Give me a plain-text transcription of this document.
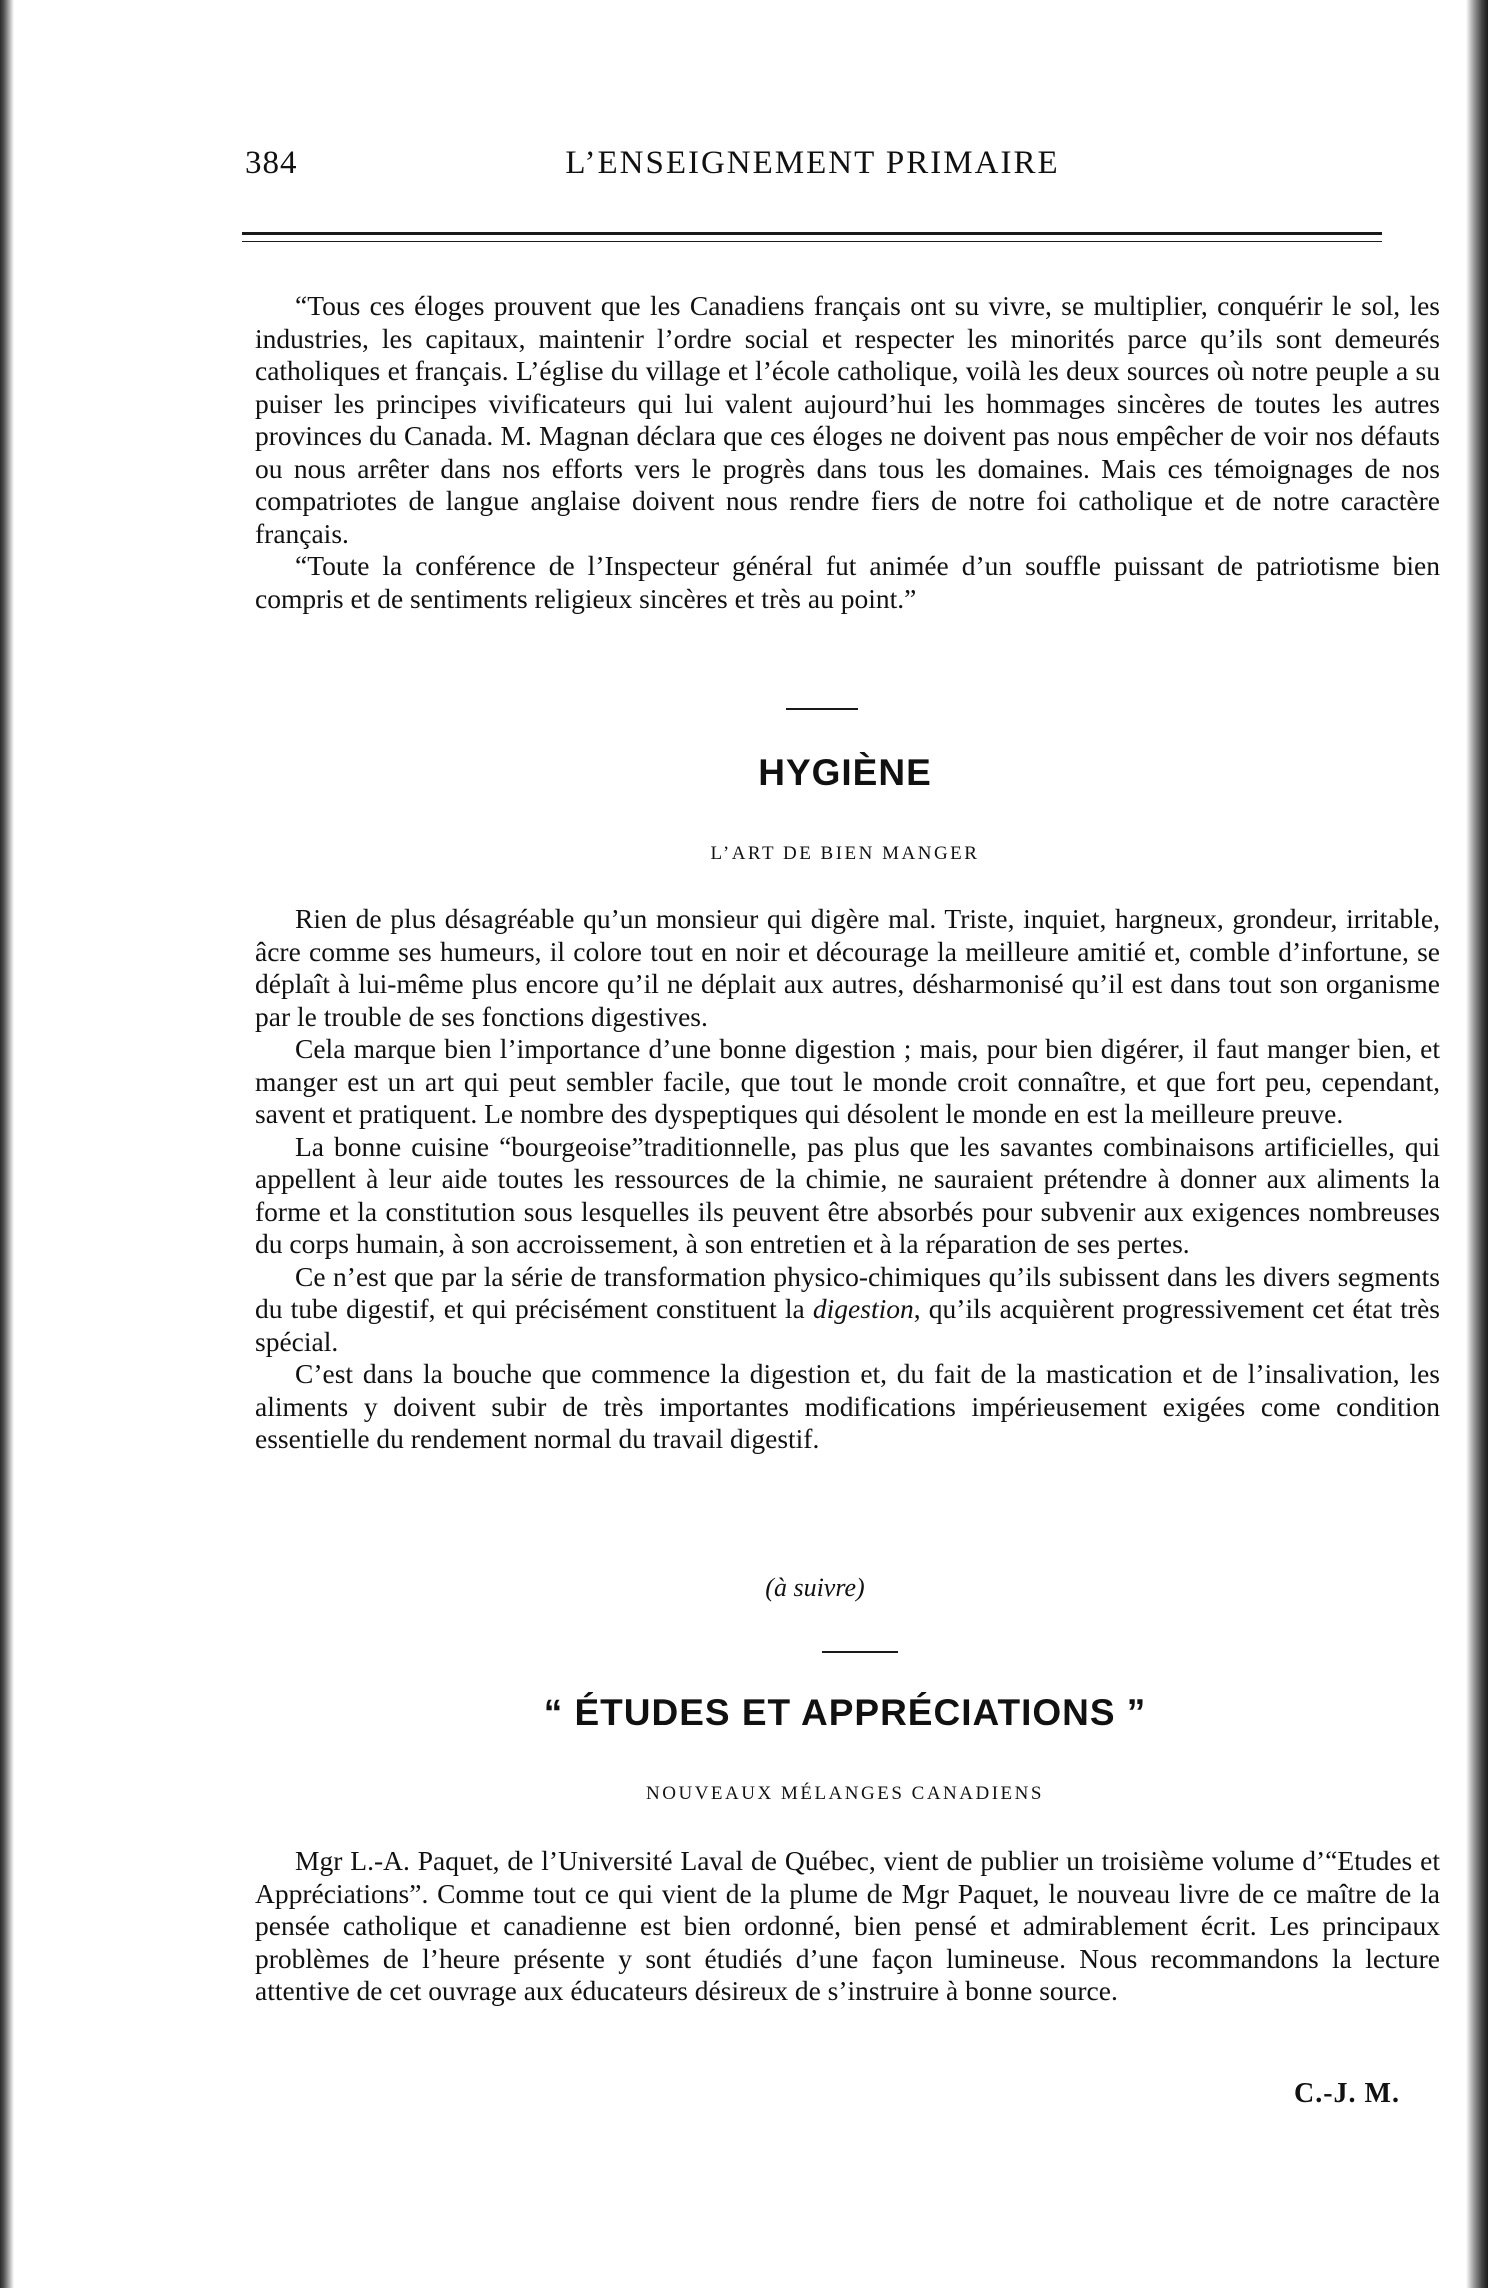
384	L’ENSEIGNEMENT PRIMAIRE

“Tous ces éloges prouvent que les Canadiens français ont su vivre, se multiplier, conquérir le sol, les industries, les capitaux, maintenir l’ordre social et respecter les minorités parce qu’ils sont demeurés catholiques et français. L’église du village et l’école catholique, voilà les deux sources où notre peuple a su puiser les principes vivificateurs qui lui valent aujourd’hui les hommages sincères de toutes les autres provinces du Canada. M. Magnan déclara que ces éloges ne doivent pas nous empêcher de voir nos défauts ou nous arrêter dans nos efforts vers le progrès dans tous les domaines. Mais ces témoignages de nos compatriotes de langue anglaise doivent nous rendre fiers de notre foi catholique et de notre caractère français.

“Toute la conférence de l’Inspecteur général fut animée d’un souffle puissant de patriotisme bien compris et de sentiments religieux sincères et très au point.”

HYGIÈNE
L’ART DE BIEN MANGER

Rien de plus désagréable qu’un monsieur qui digère mal. Triste, inquiet, hargneux, grondeur, irritable, âcre comme ses humeurs, il colore tout en noir et décourage la meilleure amitié et, comble d’infortune, se déplaît à lui-même plus encore qu’il ne déplait aux autres, désharmonisé qu’il est dans tout son organisme par le trouble de ses fonctions digestives.

Cela marque bien l’importance d’une bonne digestion ; mais, pour bien digérer, il faut manger bien, et manger est un art qui peut sembler facile, que tout le monde croit connaître, et que fort peu, cependant, savent et pratiquent. Le nombre des dyspeptiques qui désolent le monde en est la meilleure preuve.

La bonne cuisine “bourgeoise”traditionnelle, pas plus que les savantes combinaisons artificielles, qui appellent à leur aide toutes les ressources de la chimie, ne sauraient prétendre à donner aux aliments la forme et la constitution sous lesquelles ils peuvent être absorbés pour subvenir aux exigences nombreuses du corps humain, à son accroissement, à son entretien et à la réparation de ses pertes.

Ce n’est que par la série de transformation physico-chimiques qu’ils subissent dans les divers segments du tube digestif, et qui précisément constituent la digestion, qu’ils acquièrent progressivement cet état très spécial.

C’est dans la bouche que commence la digestion et, du fait de la mastication et de l’insalivation, les aliments y doivent subir de très importantes modifications impérieusement exigées come condition essentielle du rendement normal du travail digestif.

(à suivre)
“ ÉTUDES ET APPRÉCIATIONS ”
NOUVEAUX MÉLANGES CANADIENS

Mgr L.-A. Paquet, de l’Université Laval de Québec, vient de publier un troisième volume d’“Etudes et Appréciations”. Comme tout ce qui vient de la plume de Mgr Paquet, le nouveau livre de ce maître de la pensée catholique et canadienne est bien ordonné, bien pensé et admirablement écrit. Les principaux problèmes de l’heure présente y sont étudiés d’une façon lumineuse. Nous recommandons la lecture attentive de cet ouvrage aux éducateurs désireux de s’instruire à bonne source.

C.-J. M.
